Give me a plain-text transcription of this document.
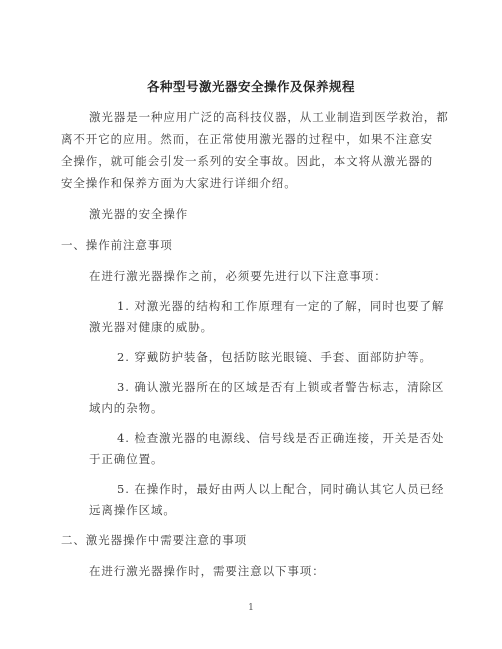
各种型号激光器安全操作及保养规程
激光器是一种应用广泛的高科技仪器，从工业制造到医学救治，都
离不开它的应用。然而，在正常使用激光器的过程中，如果不注意安
全操作，就可能会引发一系列的安全事故。因此，本文将从激光器的
安全操作和保养方面为大家进行详细介绍。
激光器的安全操作
一、操作前注意事项
在进行激光器操作之前，必须要先进行以下注意事项：
1. 对激光器的结构和工作原理有一定的了解，同时也要了解
激光器对健康的威胁。
2. 穿戴防护装备，包括防眩光眼镜、手套、面部防护等。
3. 确认激光器所在的区域是否有上锁或者警告标志，清除区
域内的杂物。
4. 检查激光器的电源线、信号线是否正确连接，开关是否处
于正确位置。
5. 在操作时，最好由两人以上配合，同时确认其它人员已经
远离操作区域。
二、激光器操作中需要注意的事项
在进行激光器操作时，需要注意以下事项：
1
